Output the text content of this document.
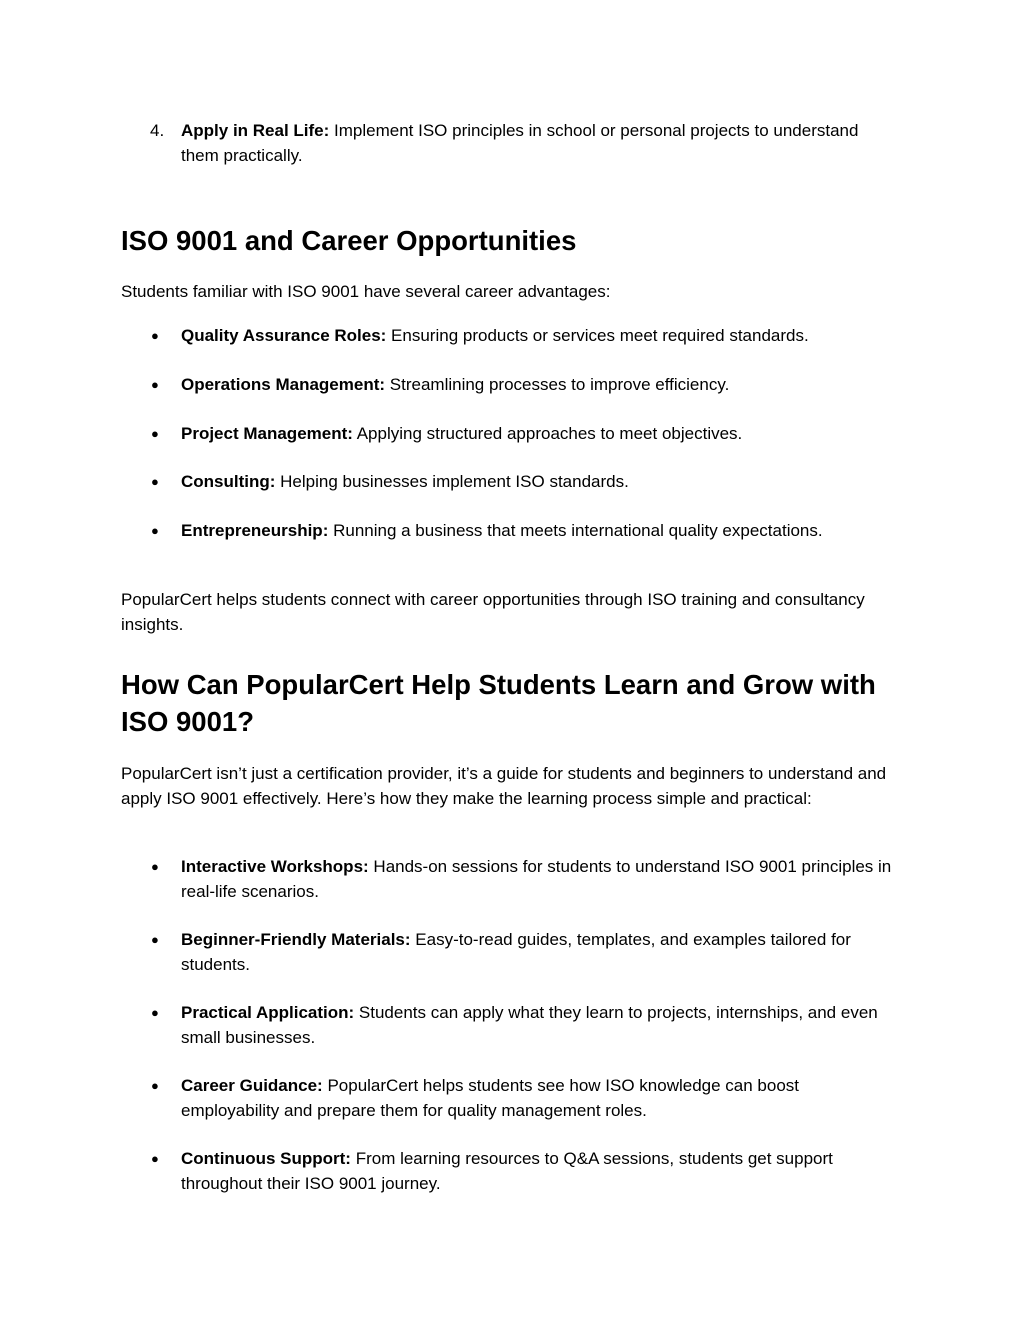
4. Apply in Real Life: Implement ISO principles in school or personal projects to understand them practically.
ISO 9001 and Career Opportunities

Students familiar with ISO 9001 have several career advantages:

● Quality Assurance Roles: Ensuring products or services meet required standards.
● Operations Management: Streamlining processes to improve efficiency.
● Project Management: Applying structured approaches to meet objectives.
● Consulting: Helping businesses implement ISO standards.
● Entrepreneurship: Running a business that meets international quality expectations.

PopularCert helps students connect with career opportunities through ISO training and consultancy insights.

How Can PopularCert Help Students Learn and Grow with ISO 9001?

PopularCert isn’t just a certification provider, it’s a guide for students and beginners to understand and apply ISO 9001 effectively. Here’s how they make the learning process simple and practical:

● Interactive Workshops: Hands-on sessions for students to understand ISO 9001 principles in real-life scenarios.
● Beginner-Friendly Materials: Easy-to-read guides, templates, and examples tailored for students.
● Practical Application: Students can apply what they learn to projects, internships, and even small businesses.
● Career Guidance: PopularCert helps students see how ISO knowledge can boost employability and prepare them for quality management roles.
● Continuous Support: From learning resources to Q&A sessions, students get support throughout their ISO 9001 journey.
